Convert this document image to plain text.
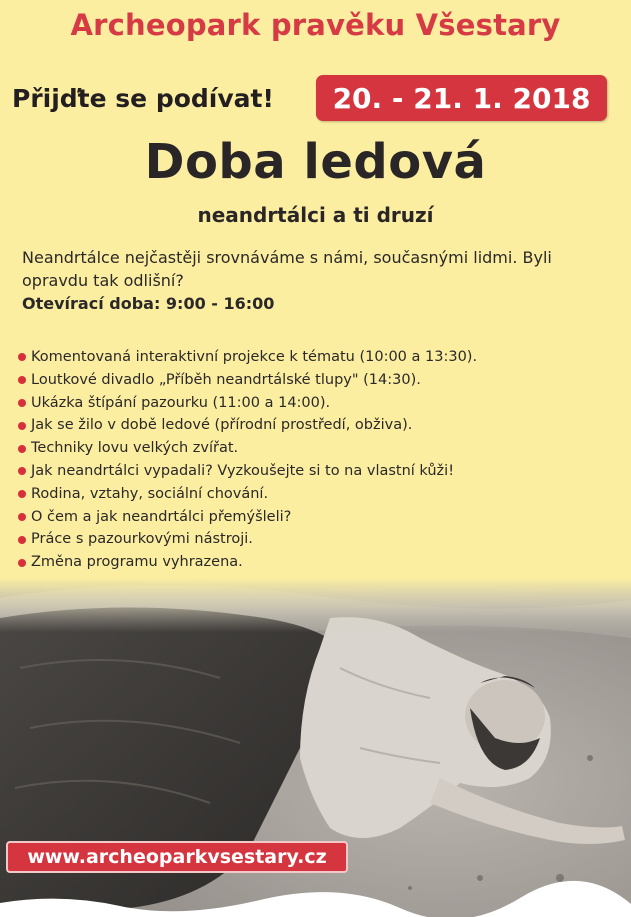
Archeopark pravěku Všestary
Přijďte se podívat!	20. - 21. 1. 2018
Doba ledová
neandrtálci a ti druzí
Neandrtálce nejčastěji srovnáváme s námi, současnými lidmi. Byli opravdu tak odlišní?
Otevírací doba: 9:00 - 16:00
Komentovaná interaktivní projekce k tématu (10:00 a 13:30).
Loutkové divadlo „Příběh neandrtálské tlupy" (14:30).
Ukázka štípání pazourku (11:00 a 14:00).
Jak se žilo v době ledové (přírodní prostředí, obživa).
Techniky lovu velkých zvířat.
Jak neandrtálci vypadali? Vyzkoušejte si to na vlastní kůži!
Rodina, vztahy, sociální chování.
O čem a jak neandrtálci přemýšleli?
Práce s pazourkovými nástroji.
Změna programu vyhrazena.
www.archeoparkvsestary.cz
